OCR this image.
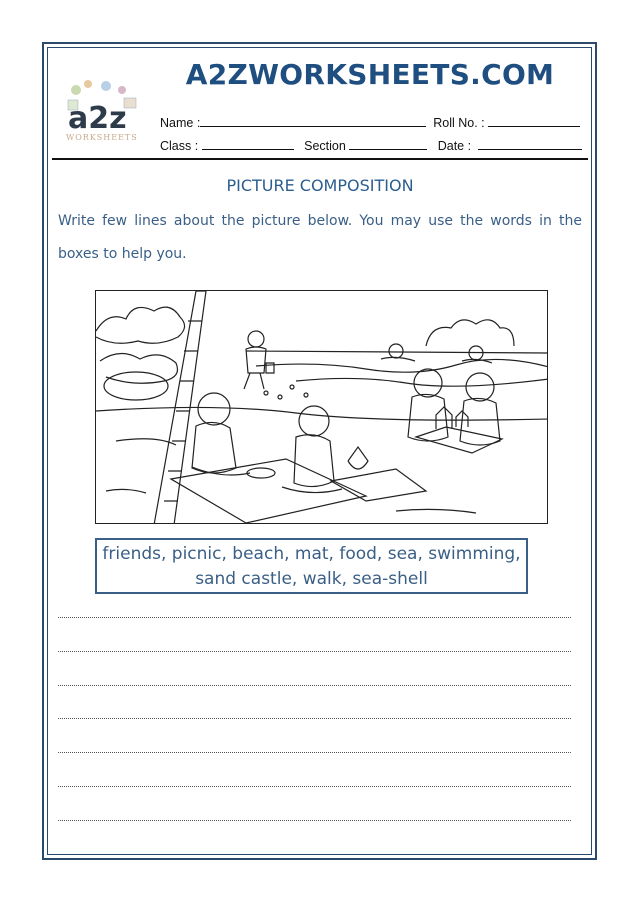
a2z
WORKSHEETS
A2ZWORKSHEETS.COM
Name :	Roll No. :
Class :	Section	Date :
PICTURE COMPOSITION
Write few lines about the picture below. You may use the words in the boxes to help you.
friends, picnic, beach, mat, food, sea, swimming,
sand castle, walk, sea-shell
